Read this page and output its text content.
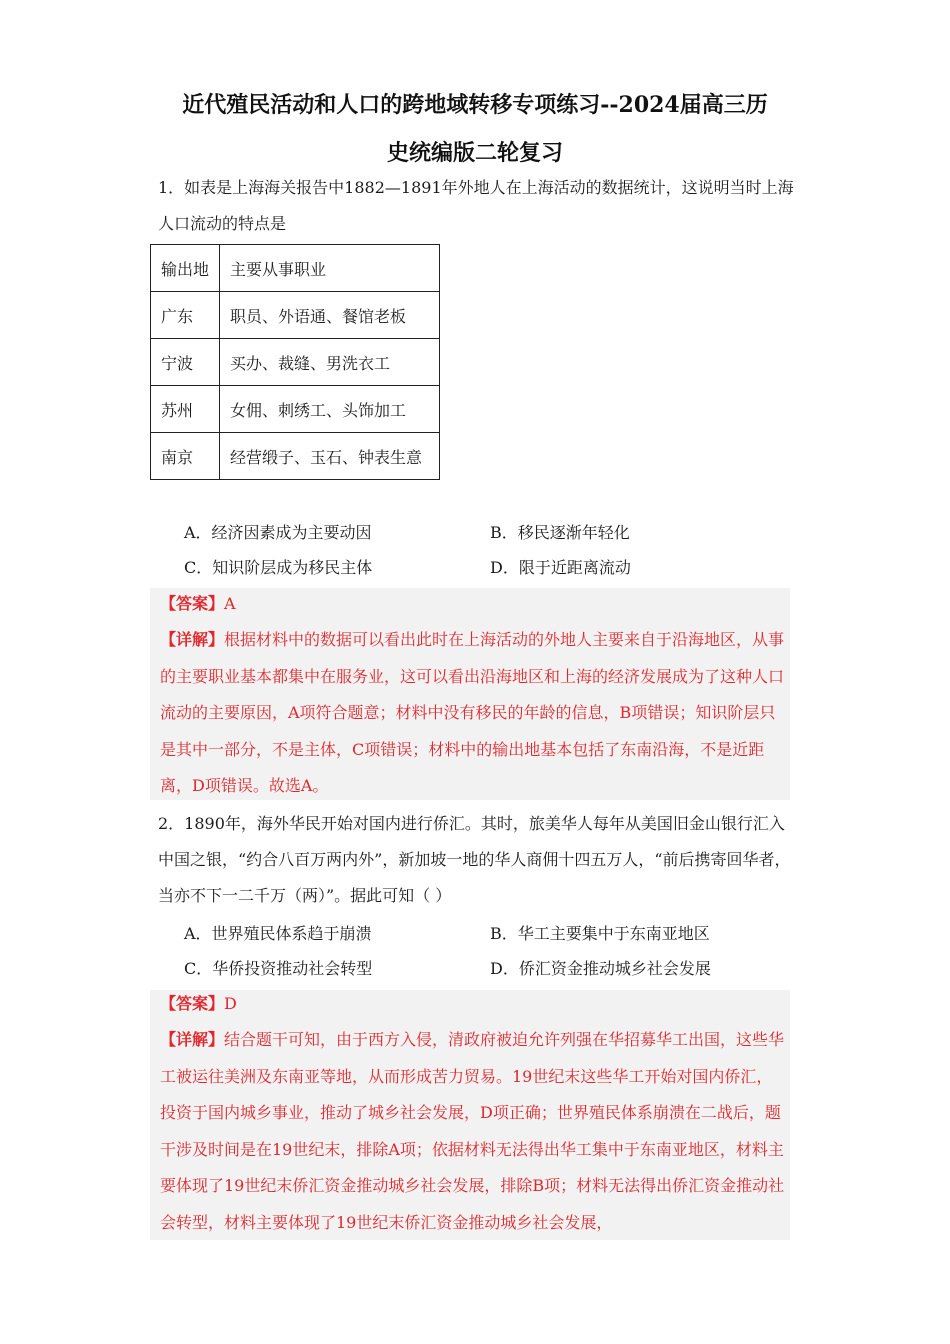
近代殖民活动和人口的跨地域转移专项练习--2024届高三历
史统编版二轮复习

1．如表是上海海关报告中1882—1891年外地人在上海活动的数据统计，这说明当时上海人口流动的特点是

输出地	主要从事职业
广东	职员、外语通、餐馆老板
宁波	买办、裁缝、男洗衣工
苏州	女佣、刺绣工、头饰加工
南京	经营缎子、玉石、钟表生意
A．经济因素成为主要动因	B．移民逐渐年轻化
C．知识阶层成为移民主体	D．限于近距离流动

【答案】A

【详解】根据材料中的数据可以看出此时在上海活动的外地人主要来自于沿海地区，从事的主要职业基本都集中在服务业，这可以看出沿海地区和上海的经济发展成为了这种人口流动的主要原因，A项符合题意；材料中没有移民的年龄的信息，B项错误；知识阶层只是其中一部分，不是主体，C项错误；材料中的输出地基本包括了东南沿海，不是近距离，D项错误。故选A。

2．1890年，海外华民开始对国内进行侨汇。其时，旅美华人每年从美国旧金山银行汇入中国之银，“约合八百万两内外”，新加坡一地的华人商佣十四五万人，“前后携寄回华者，当亦不下一二千万（两）”。据此可知（ ）

A．世界殖民体系趋于崩溃	B．华工主要集中于东南亚地区
C．华侨投资推动社会转型	D．侨汇资金推动城乡社会发展

【答案】D

【详解】结合题干可知，由于西方入侵，清政府被迫允许列强在华招募华工出国，这些华工被运往美洲及东南亚等地，从而形成苦力贸易。19世纪末这些华工开始对国内侨汇，投资于国内城乡事业，推动了城乡社会发展，D项正确；世界殖民体系崩溃在二战后，题干涉及时间是在19世纪末，排除A项；依据材料无法得出华工集中于东南亚地区，材料主要体现了19世纪末侨汇资金推动城乡社会发展，排除B项；材料无法得出侨汇资金推动社会转型，材料主要体现了19世纪末侨汇资金推动城乡社会发展，
